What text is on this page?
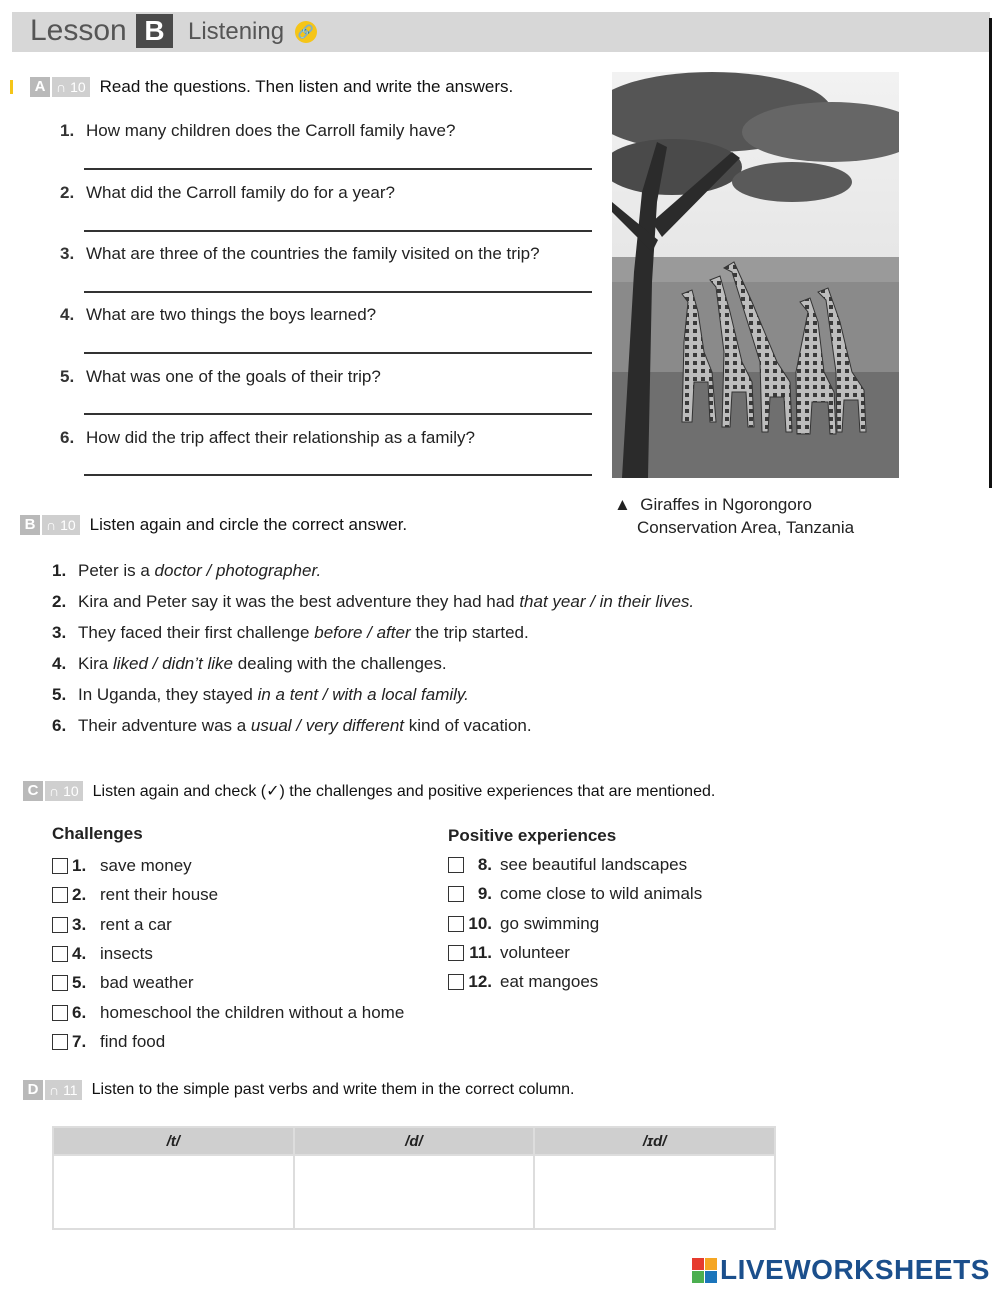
Lesson B Listening 🔗
A ∩ 10 Read the questions. Then listen and write the answers.
1. How many children does the Carroll family have?
2. What did the Carroll family do for a year?
3. What are three of the countries the family visited on the trip?
4. What are two things the boys learned?
5. What was one of the goals of their trip?
6. How did the trip affect their relationship as a family?
▲ Giraffes in Ngorongoro
Conservation Area, Tanzania
B ∩ 10 Listen again and circle the correct answer.
1. Peter is a doctor / photographer.
2. Kira and Peter say it was the best adventure they had had that year / in their lives.
3. They faced their first challenge before / after the trip started.
4. Kira liked / didn’t like dealing with the challenges.
5. In Uganda, they stayed in a tent / with a local family.
6. Their adventure was a usual / very different kind of vacation.
C ∩ 10 Listen again and check (✓) the challenges and positive experiences that are mentioned.
Challenges	Positive experiences
1. save money
2. rent their house
3. rent a car
4. insects
5. bad weather
6. homeschool the children without a home
7. find food
8. see beautiful landscapes
9. come close to wild animals
10. go swimming
11. volunteer
12. eat mangoes
D ∩ 11 Listen to the simple past verbs and write them in the correct column.
/t/	/d/	/ɪd/

LIVEWORKSHEETS
